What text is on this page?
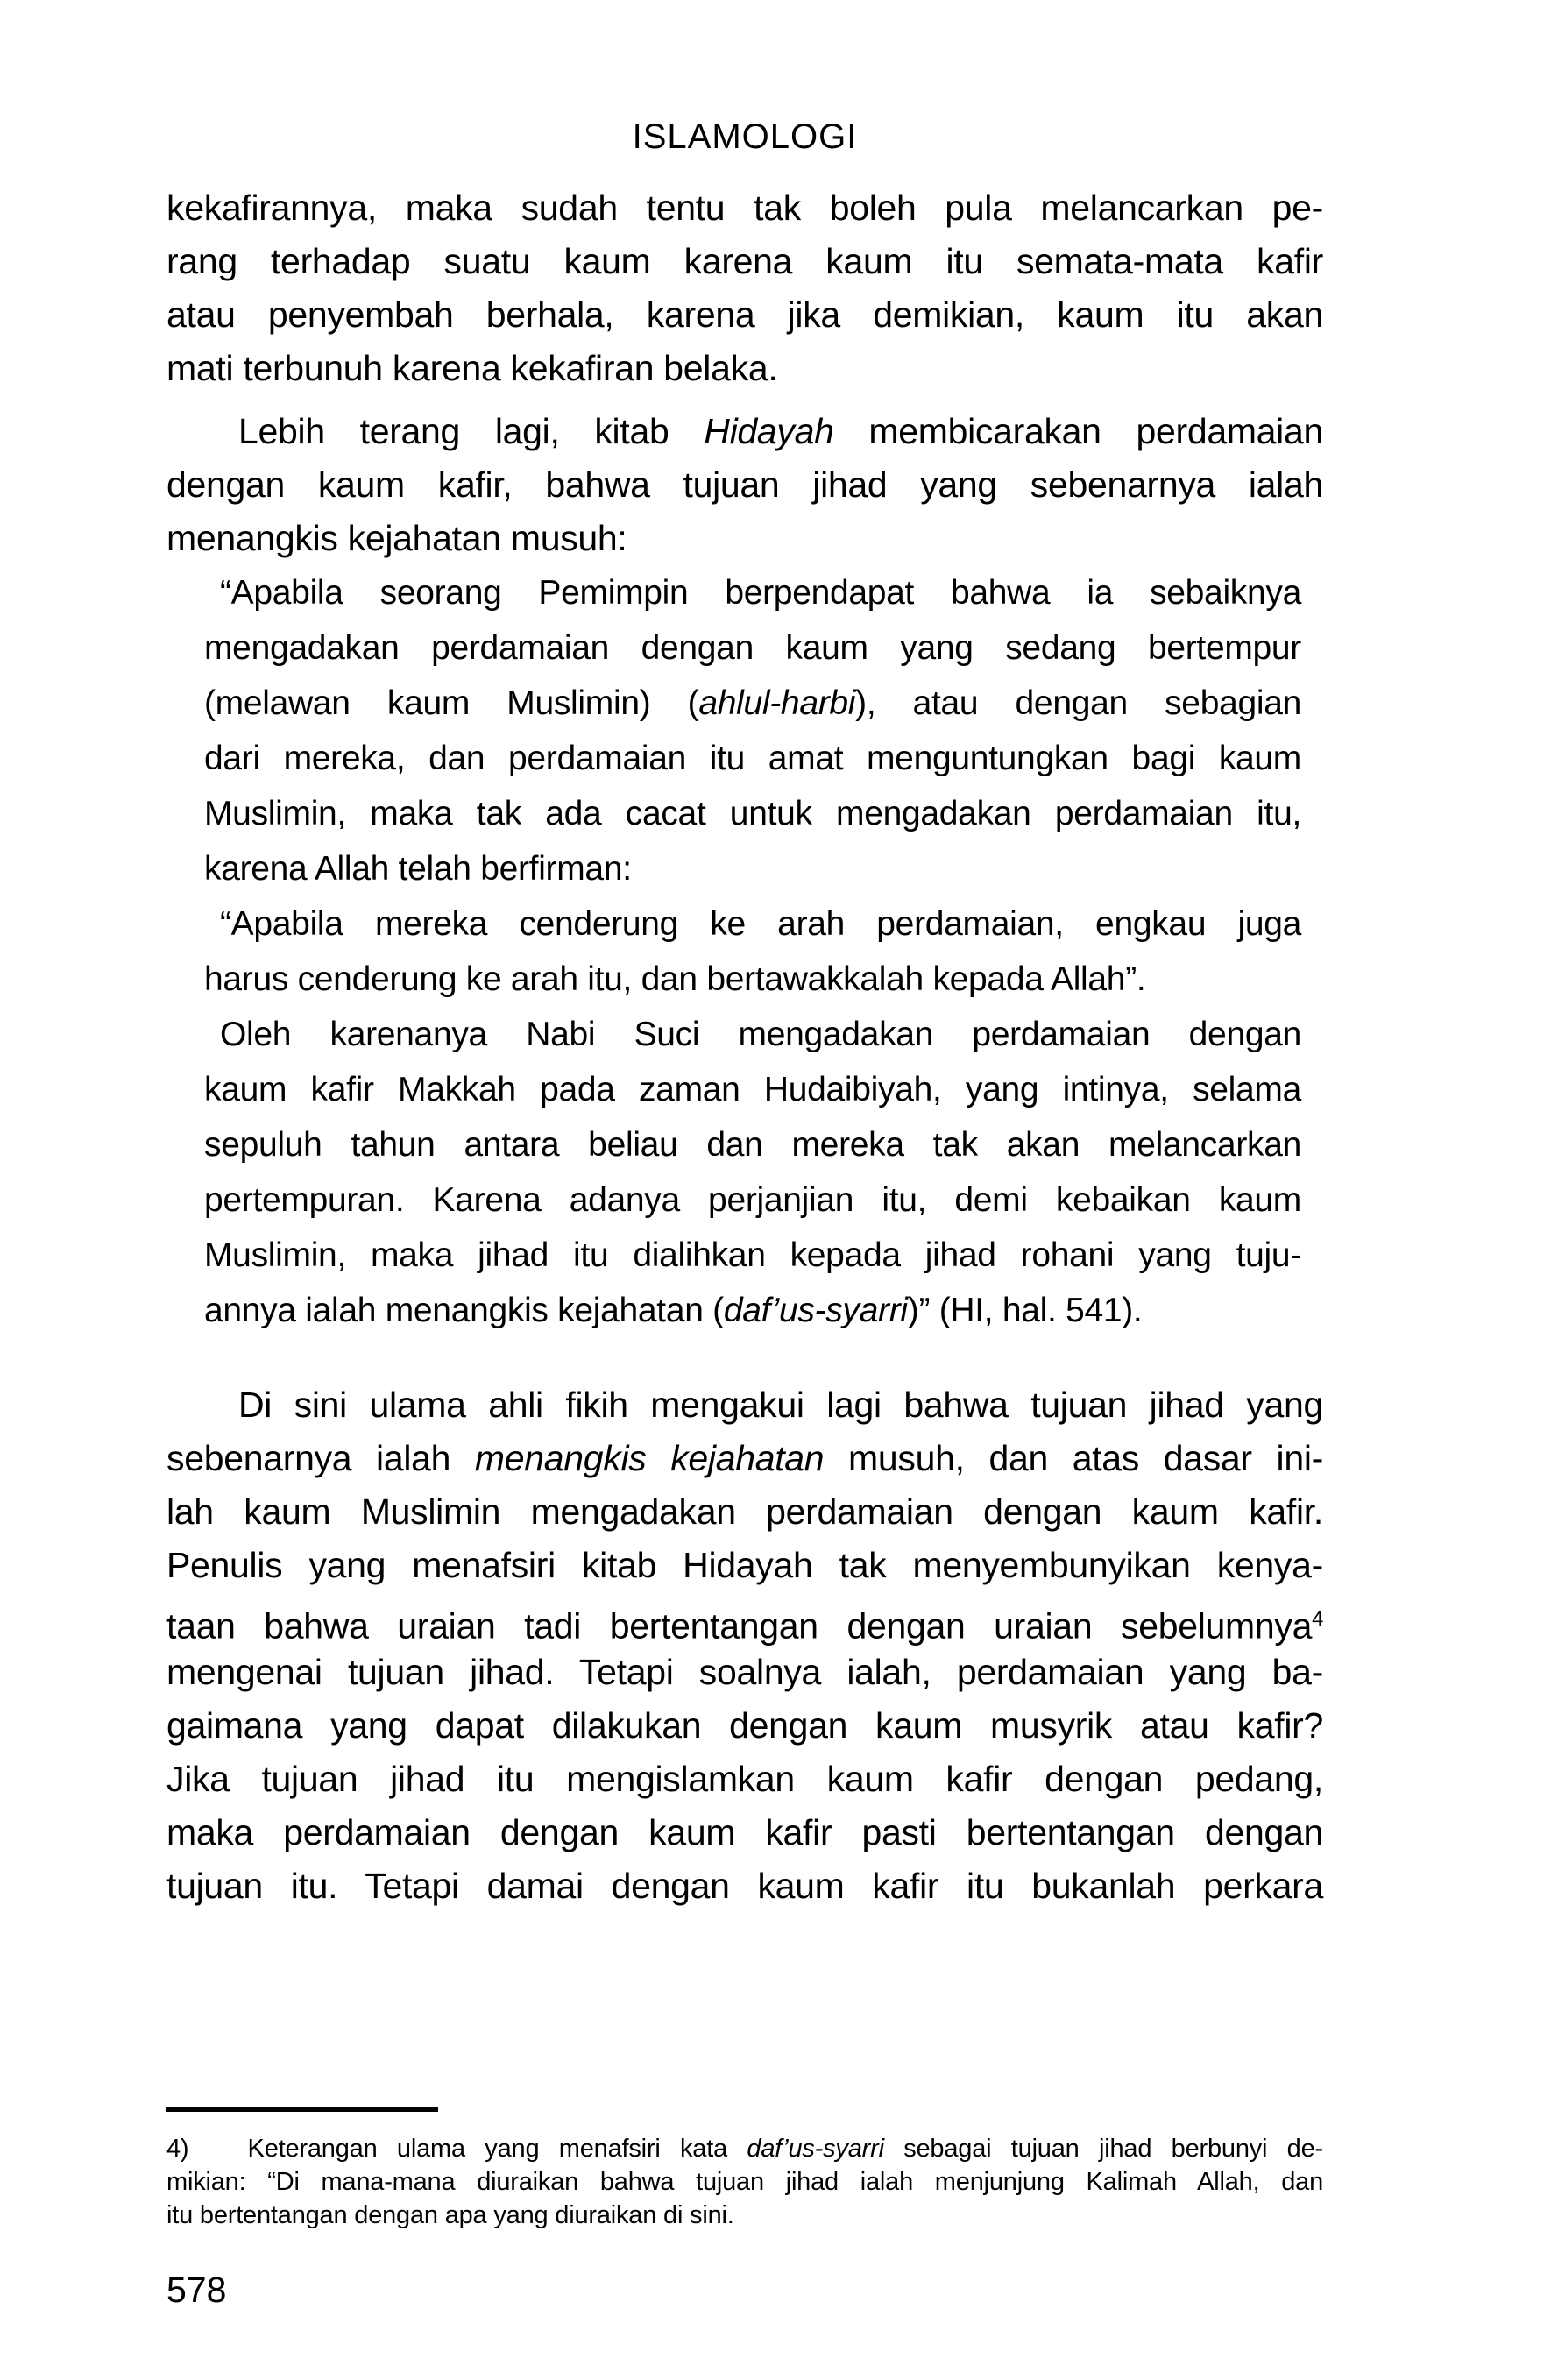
ISLAMOLOGI
kekafirannya, maka sudah tentu tak boleh pula melancarkan pe-
rang terhadap suatu kaum karena kaum itu semata-mata kafir
atau penyembah berhala, karena jika demikian, kaum itu akan
mati terbunuh karena kekafiran belaka.
Lebih terang lagi, kitab Hidayah membicarakan perdamaian
dengan kaum kafir, bahwa tujuan jihad yang sebenarnya ialah
menangkis kejahatan musuh:
“Apabila seorang Pemimpin berpendapat bahwa ia sebaiknya
mengadakan perdamaian dengan kaum yang sedang bertempur
(melawan kaum Muslimin) (ahlul-harbi), atau dengan sebagian
dari mereka, dan perdamaian itu amat menguntungkan bagi kaum
Muslimin, maka tak ada cacat untuk mengadakan perdamaian itu,
karena Allah telah berfirman:
“Apabila mereka cenderung ke arah perdamaian, engkau juga
harus cenderung ke arah itu, dan bertawakkalah kepada Allah”.
Oleh karenanya Nabi Suci mengadakan perdamaian dengan
kaum kafir Makkah pada zaman Hudaibiyah, yang intinya, selama
sepuluh tahun antara beliau dan mereka tak akan melancarkan
pertempuran. Karena adanya perjanjian itu, demi kebaikan kaum
Muslimin, maka jihad itu dialihkan kepada jihad rohani yang tuju-
annya ialah menangkis kejahatan (daf’us-syarri)” (HI, hal. 541).
Di sini ulama ahli fikih mengakui lagi bahwa tujuan jihad yang
sebenarnya ialah menangkis kejahatan musuh, dan atas dasar ini-
lah kaum Muslimin mengadakan perdamaian dengan kaum kafir.
Penulis yang menafsiri kitab Hidayah tak menyembunyikan kenya-
taan bahwa uraian tadi bertentangan dengan uraian sebelumnya$^4$
mengenai tujuan jihad. Tetapi soalnya ialah, perdamaian yang ba-
gaimana yang dapat dilakukan dengan kaum musyrik atau kafir?
Jika tujuan jihad itu mengislamkan kaum kafir dengan pedang,
maka perdamaian dengan kaum kafir pasti bertentangan dengan
tujuan itu. Tetapi damai dengan kaum kafir itu bukanlah perkara
4)   Keterangan ulama yang menafsiri kata daf’us-syarri sebagai tujuan jihad berbunyi de-
mikian: “Di mana-mana diuraikan bahwa tujuan jihad ialah menjunjung Kalimah Allah, dan
itu bertentangan dengan apa yang diuraikan di sini.
578
